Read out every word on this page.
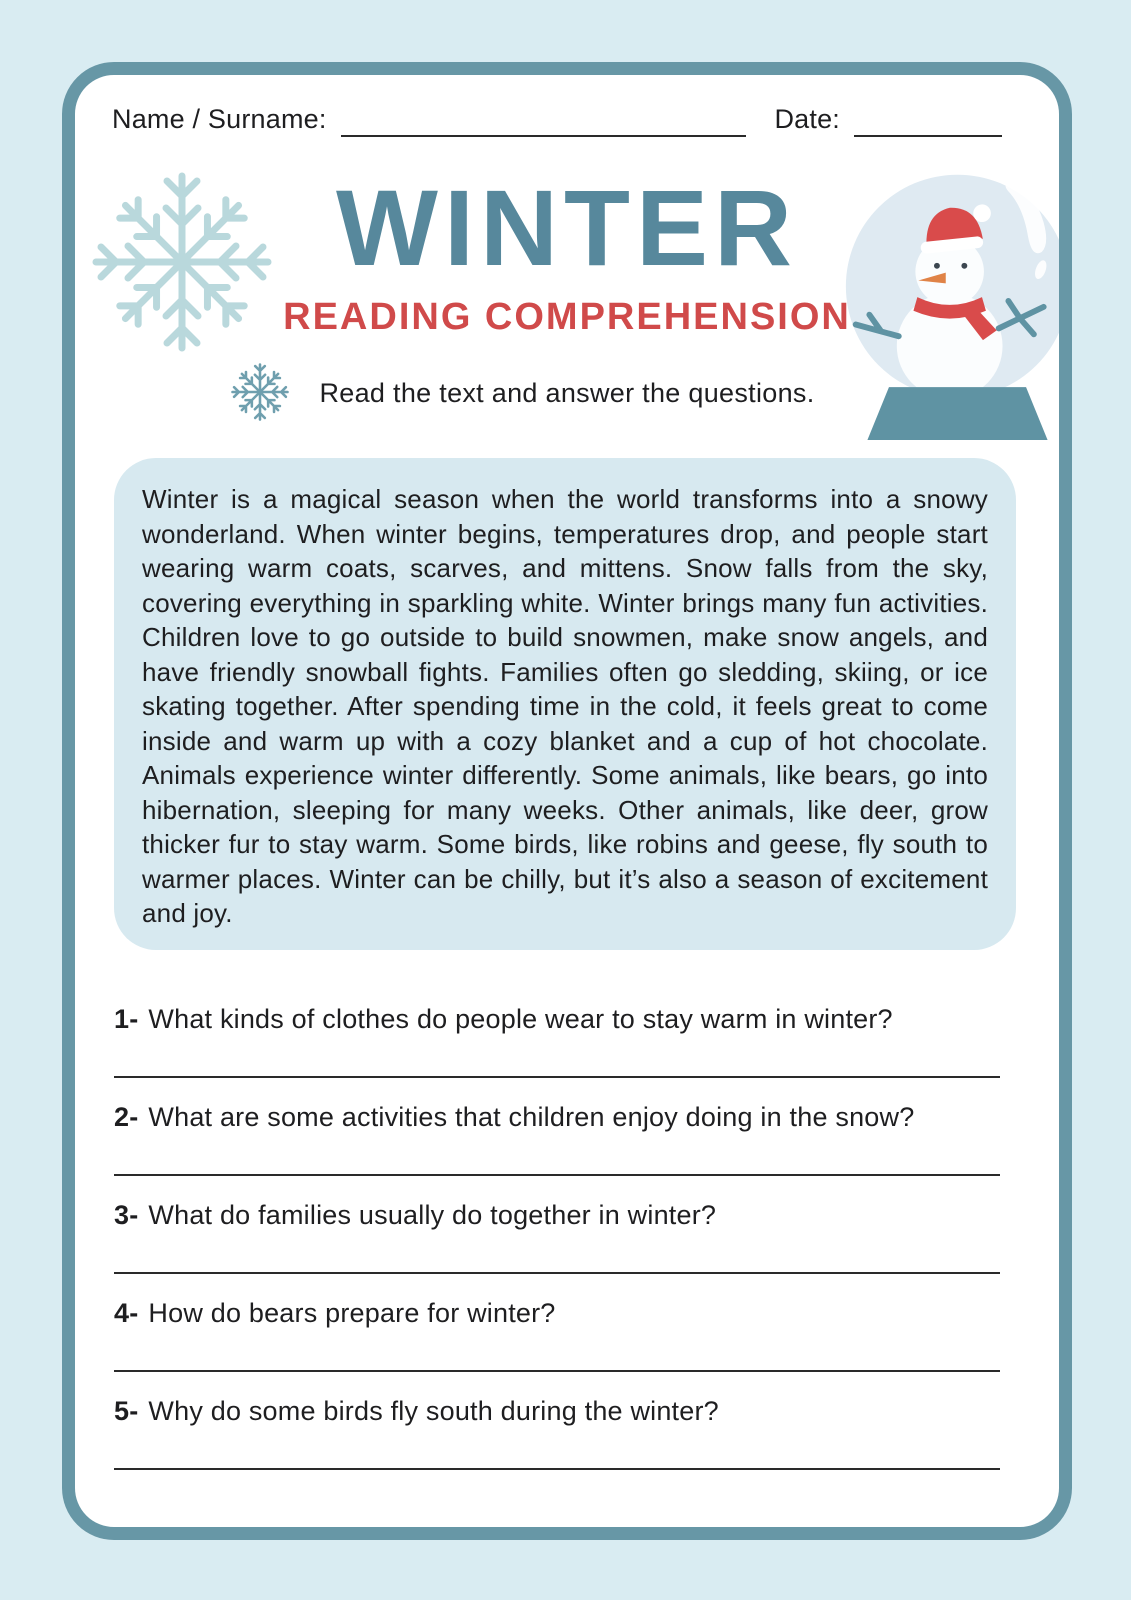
Name / Surname:	Date:
WINTER
READING COMPREHENSION
Read the text and answer the questions.

Winter is a magical season when the world transforms into a snowy wonderland. When winter begins, temperatures drop, and people start wearing warm coats, scarves, and mittens. Snow falls from the sky, covering everything in sparkling white. Winter brings many fun activities. Children love to go outside to build snowmen, make snow angels, and have friendly snowball fights. Families often go sledding, skiing, or ice skating together. After spending time in the cold, it feels great to come inside and warm up with a cozy blanket and a cup of hot chocolate. Animals experience winter differently. Some animals, like bears, go into hibernation, sleeping for many weeks. Other animals, like deer, grow thicker fur to stay warm. Some birds, like robins and geese, fly south to warmer places. Winter can be chilly, but it’s also a season of excitement and joy.

1- What kinds of clothes do people wear to stay warm in winter?
2- What are some activities that children enjoy doing in the snow?
3- What do families usually do together in winter?
4- How do bears prepare for winter?
5- Why do some birds fly south during the winter?
